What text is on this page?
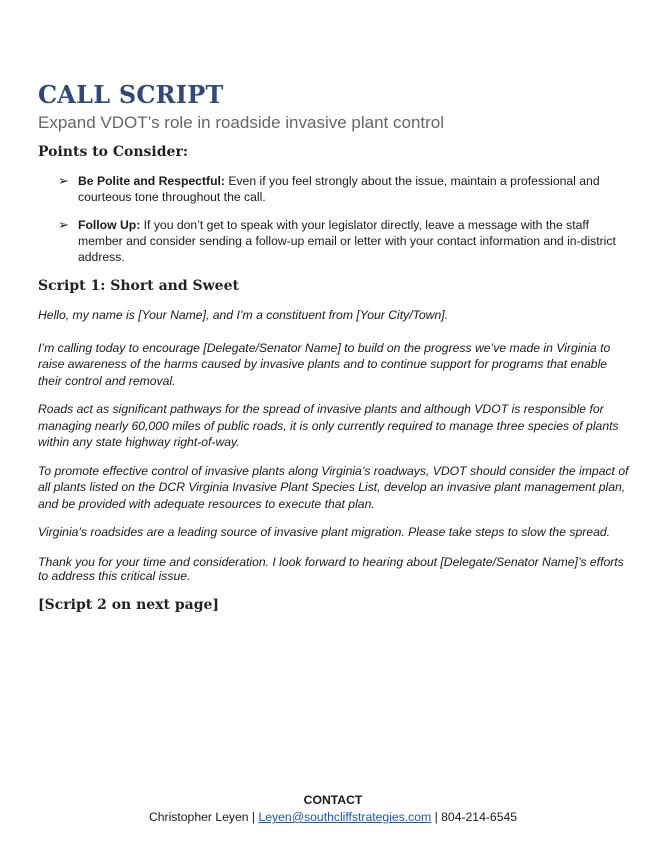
CALL SCRIPT

Expand VDOT’s role in roadside invasive plant control

Points to Consider:

➢ Be Polite and Respectful: Even if you feel strongly about the issue, maintain a professional and courteous tone throughout the call.
➢ Follow Up: If you don’t get to speak with your legislator directly, leave a message with the staff member and consider sending a follow-up email or letter with your contact information and in-district address.

Script 1: Short and Sweet

Hello, my name is [Your Name], and I’m a constituent from [Your City/Town].

I’m calling today to encourage [Delegate/Senator Name] to build on the progress we’ve made in Virginia to raise awareness of the harms caused by invasive plants and to continue support for programs that enable their control and removal.

Roads act as significant pathways for the spread of invasive plants and although VDOT is responsible for managing nearly 60,000 miles of public roads, it is only currently required to manage three species of plants within any state highway right-of-way.

To promote effective control of invasive plants along Virginia’s roadways, VDOT should consider the impact of all plants listed on the DCR Virginia Invasive Plant Species List, develop an invasive plant management plan, and be provided with adequate resources to execute that plan.

Virginia’s roadsides are a leading source of invasive plant migration. Please take steps to slow the spread.

Thank you for your time and consideration. I look forward to hearing about [Delegate/Senator Name]’s efforts to address this critical issue.

[Script 2 on next page]

CONTACT
Christopher Leyen | Leyen@southcliffstrategies.com | 804-214-6545
